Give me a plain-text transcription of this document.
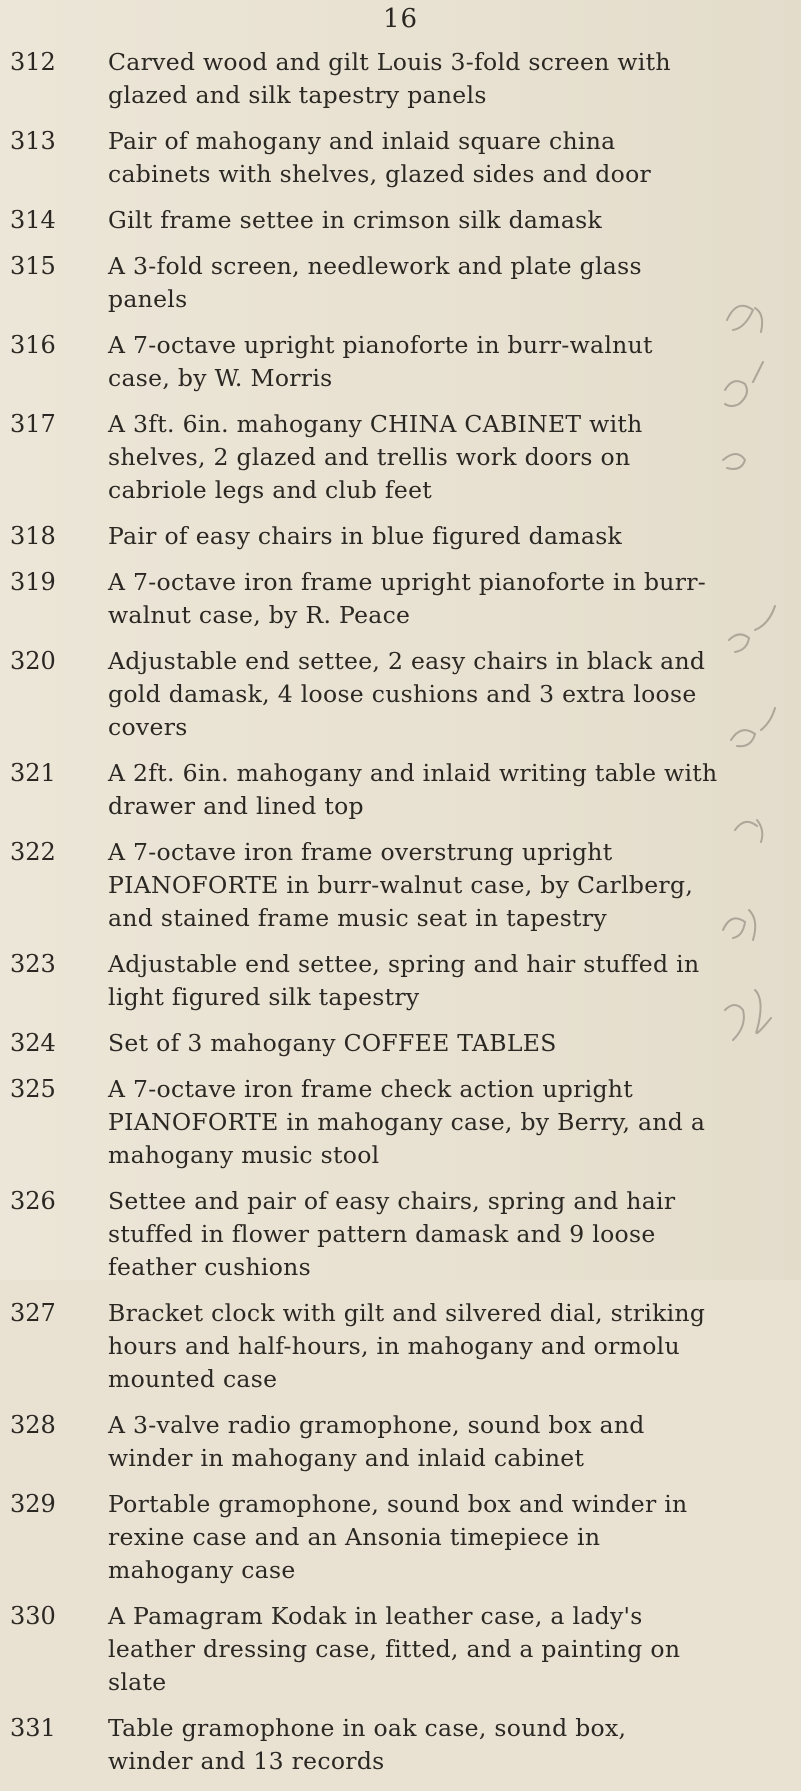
16
312	Carved wood and gilt Louis 3-fold screen with glazed and silk tapestry panels
313	Pair of mahogany and inlaid square china cabinets with shelves, glazed sides and door
314	Gilt frame settee in crimson silk damask
315	A 3-fold screen, needlework and plate glass panels
316	A 7-octave upright pianoforte in burr-walnut case, by W. Morris
317	A 3ft. 6in. mahogany CHINA CABINET with shelves, 2 glazed and trellis work doors on cabriole legs and club feet
318	Pair of easy chairs in blue figured damask
319	A 7-octave iron frame upright pianoforte in burr-walnut case, by R. Peace
320	Adjustable end settee, 2 easy chairs in black and gold damask, 4 loose cushions and 3 extra loose covers
321	A 2ft. 6in. mahogany and inlaid writing table with drawer and lined top
322	A 7-octave iron frame overstrung upright PIANOFORTE in burr-walnut case, by Carlberg, and stained frame music seat in tapestry
323	Adjustable end settee, spring and hair stuffed in light figured silk tapestry
324	Set of 3 mahogany COFFEE TABLES
325	A 7-octave iron frame check action upright PIANOFORTE in mahogany case, by Berry, and a mahogany music stool
326	Settee and pair of easy chairs, spring and hair stuffed in flower pattern damask and 9 loose feather cushions
327	Bracket clock with gilt and silvered dial, striking hours and half-hours, in mahogany and ormolu mounted case
328	A 3-valve radio gramophone, sound box and winder in mahogany and inlaid cabinet
329	Portable gramophone, sound box and winder in rexine case and an Ansonia timepiece in mahogany case
330	A Pamagram Kodak in leather case, a lady's leather dressing case, fitted, and a painting on slate
331	Table gramophone in oak case, sound box, winder and 13 records
